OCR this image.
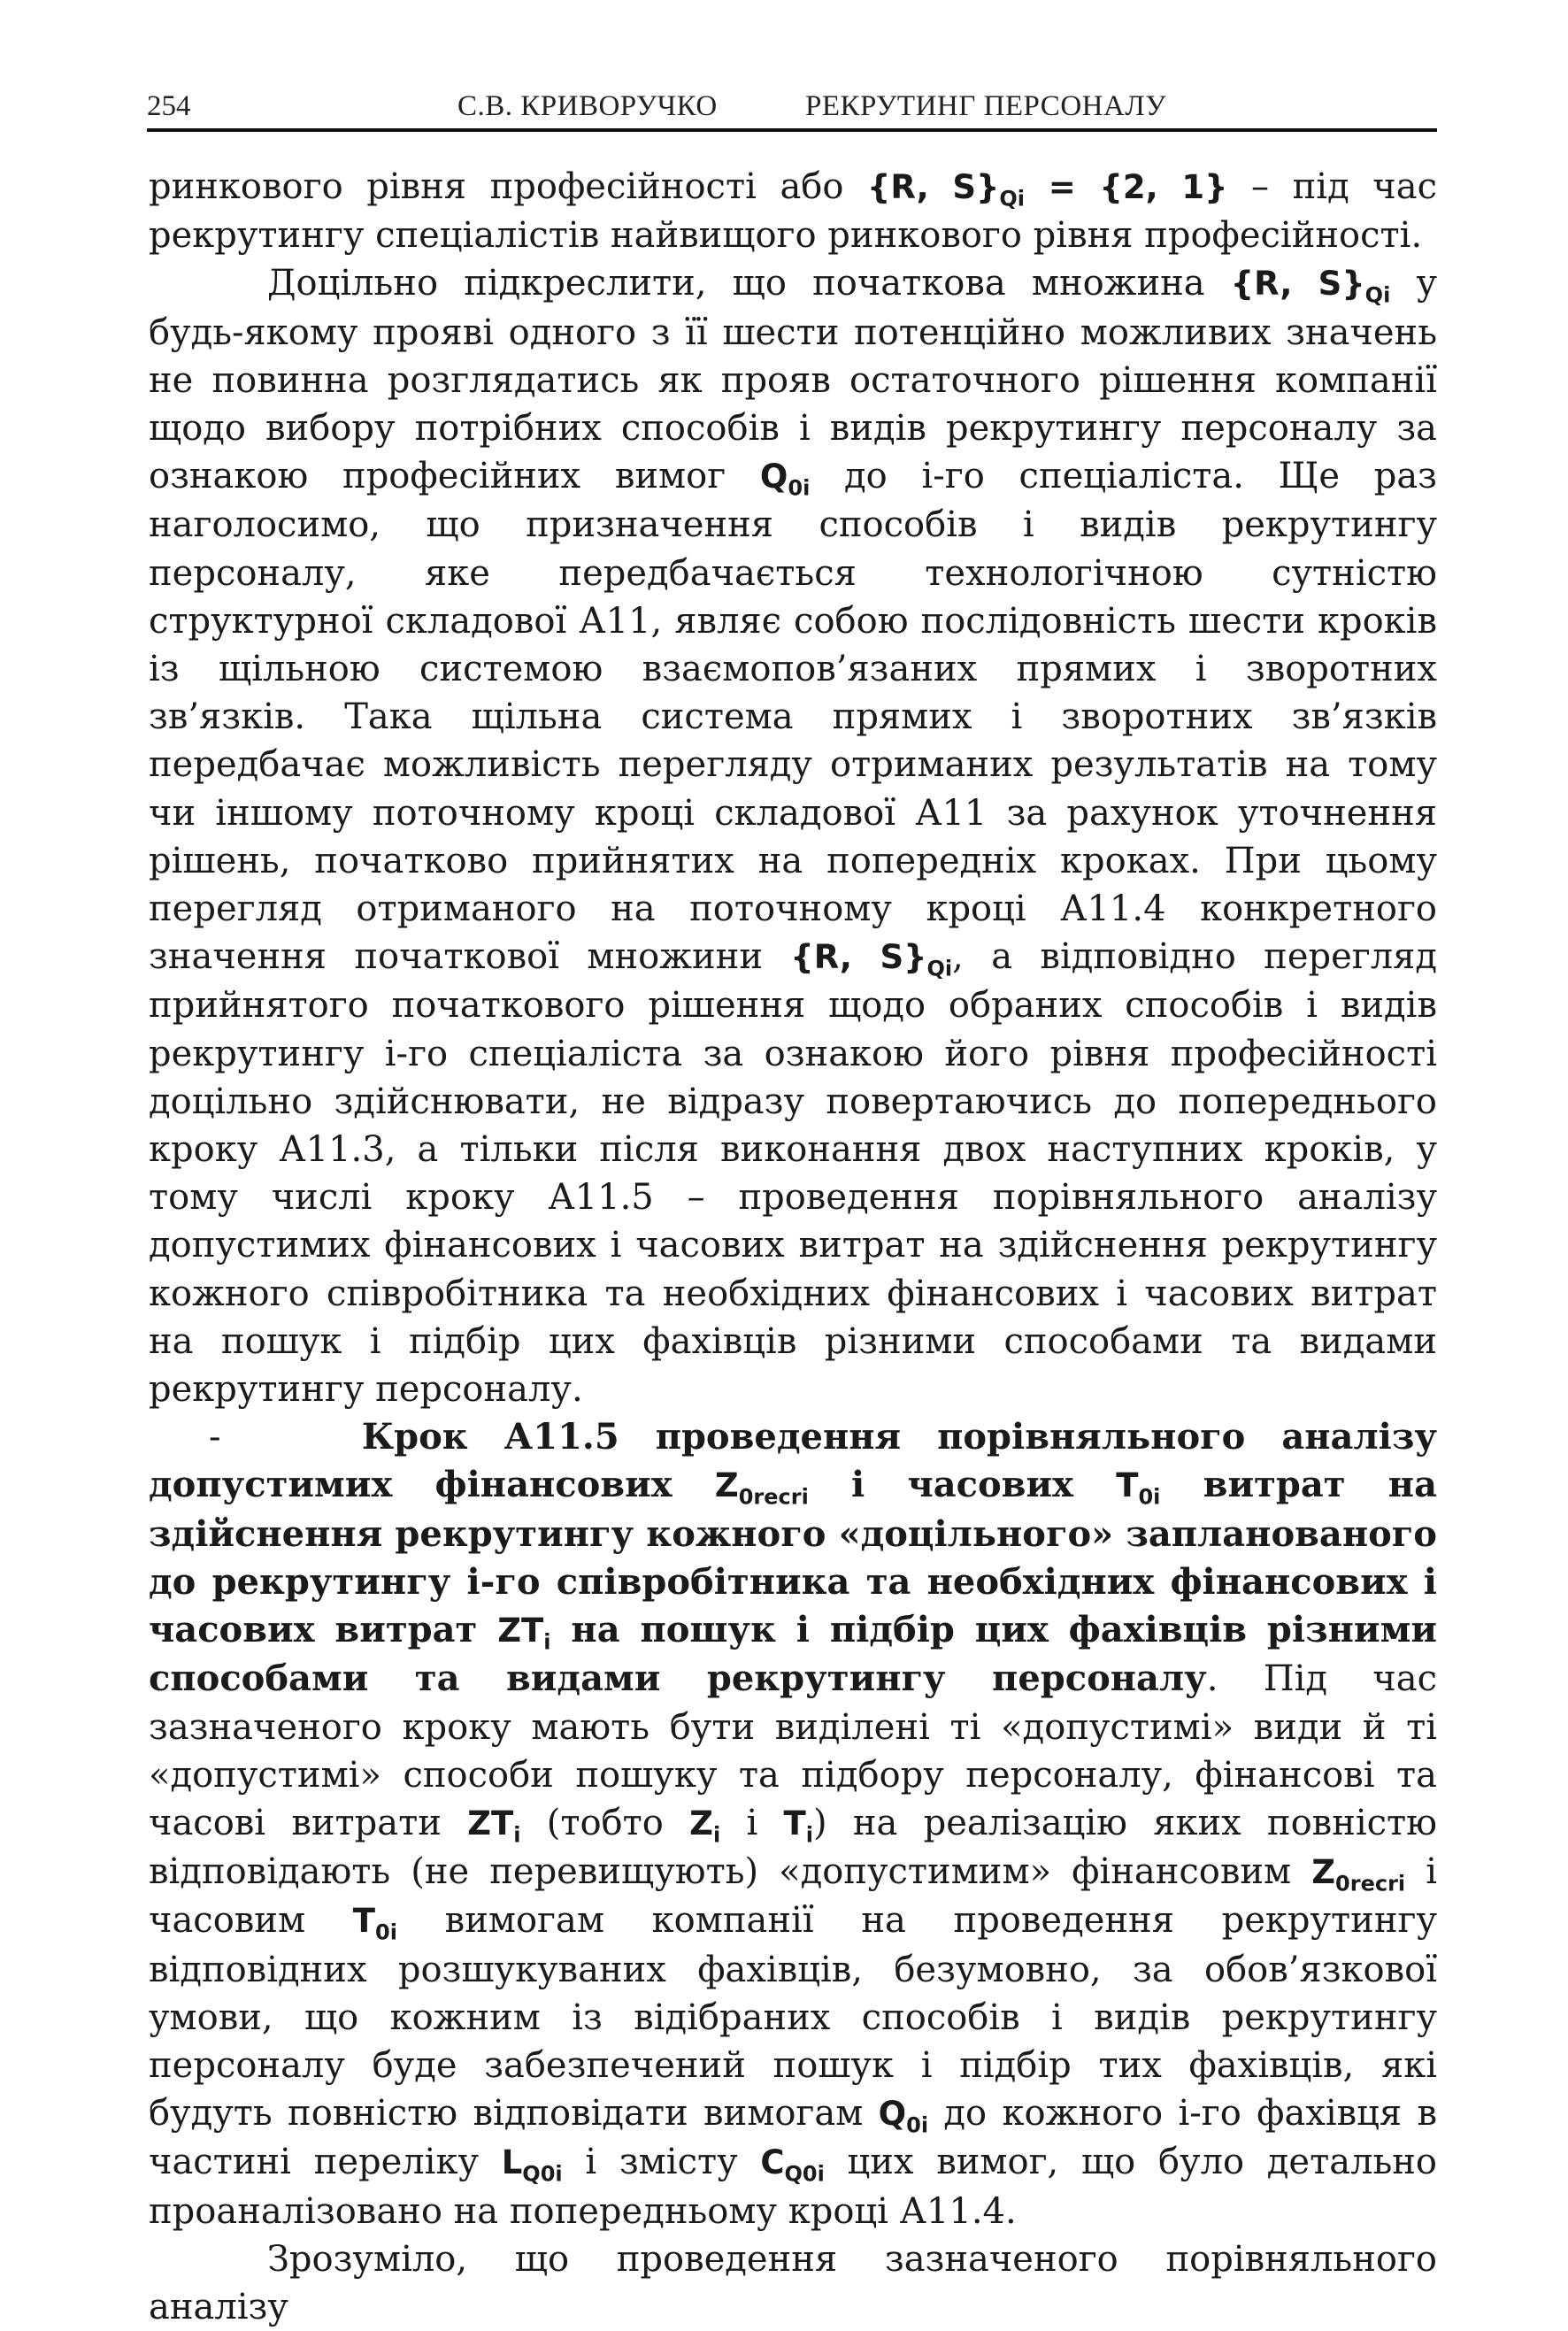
254	С.В. КРИВОРУЧКО	РЕКРУТИНГ ПЕРСОНАЛУ

ринкового рівня професійності або {R, $S\}_{Qi} = \{2$, 1} – під час рекрутингу спеціалістів найвищого ринкового рівня професійності.

Доцільно підкреслити, що початкова множина {R, $S\}_{Qi}$ у будь-якому прояві одного з її шести потенційно можливих значень не повинна розглядатись як прояв остаточного рішення компанії щодо вибору потрібних способів і видів рекрутингу персоналу за ознакою професійних вимог $Q_{0i}$ до i-го спеціаліста. Ще раз наголосимо, що призначення способів і видів рекрутингу персоналу, яке передбачається технологічною сутністю структурної складової А11, являє собою послідовність шести кроків із щільною системою взаємопов’язаних прямих і зворотних зв’язків. Така щільна система прямих і зворотних зв’язків передбачає можливість перегляду отриманих результатів на тому чи іншому поточному кроці складової А11 за рахунок уточнення рішень, початково прийнятих на попередніх кроках. При цьому перегляд отриманого на поточному кроці А11.4 конкретного значення початкової множини {R, $S\}_{Qi}$, а відповідно перегляд прийнятого початкового рішення щодо обраних способів і видів рекрутингу i-го спеціаліста за ознакою його рівня професійності доцільно здійснювати, не відразу повертаючись до попереднього кроку А11.3, а тільки після виконання двох наступних кроків, у тому числі кроку А11.5 – проведення порівняльного аналізу допустимих фінансових і часових витрат на здійснення рекрутингу кожного співробітника та необхідних фінансових і часових витрат на пошук і підбір цих фахівців різними способами та видами рекрутингу персоналу.

-	Крок А11.5 проведення порівняльного аналізу допустимих фінансових $Z_{0recri}$ і часових $T_{0i}$ витрат на здійснення рекрутингу кожного «доцільного» запланованого до рекрутингу i-го співробітника та необхідних фінансових і часових витрат $ZT_i$ на пошук і підбір цих фахівців різними способами та видами рекрутингу персоналу. Під час зазначеного кроку мають бути виділені ті «допустимі» види й ті «допустимі» способи пошуку та підбору персоналу, фінансові та часові витрати $ZT_i$ (тобто $Z_i$ і $T_i$) на реалізацію яких повністю відповідають (не перевищують) «допустимим» фінансовим $Z_{0recri}$ і часовим $T_{0i}$ вимогам компанії на проведення рекрутингу відповідних розшукуваних фахівців, безумовно, за обов’язкової умови, що кожним із відібраних способів і видів рекрутингу персоналу буде забезпечений пошук і підбір тих фахівців, які будуть повністю відповідати вимогам $Q_{0i}$ до кожного i-го фахівця в частині переліку $L_{Q0i}$ і змісту $C_{Q0i}$ цих вимог, що було детально проаналізовано на попередньому кроці А11.4.

Зрозуміло, що проведення зазначеного порівняльного аналізу
